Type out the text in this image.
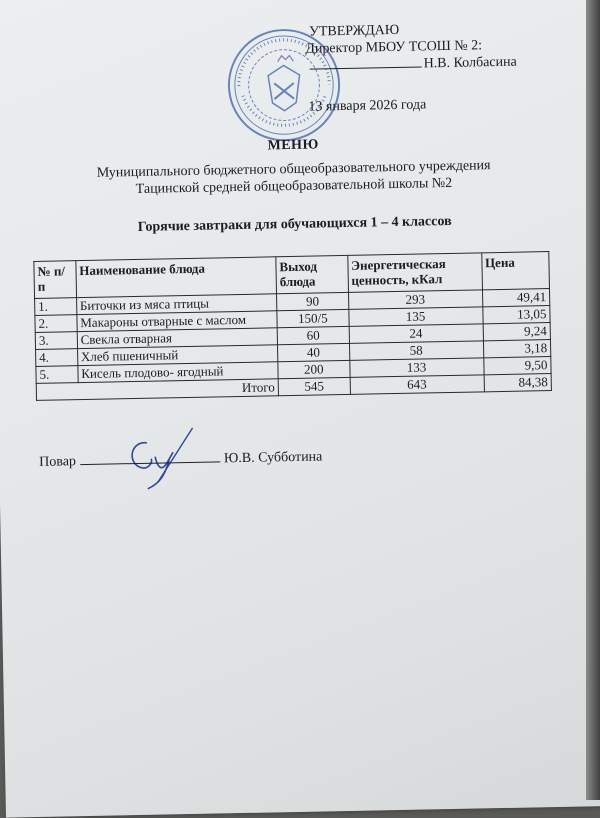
УТВЕРЖДАЮ
Директор МБОУ ТСОШ № 2:
Н.В. Колбасина
13 января 2026 года
МЕНЮ
Муниципального бюджетного общеобразовательного учреждения
Тацинской средней общеобразовательной школы №2
Горячие завтраки для обучающихся 1 – 4 классов
№ п/п	Наименование блюда	Выход блюда	Энергетическая ценность, кКал	Цена
1.	Биточки из мяса птицы	90	293	49,41
2.	Макароны отварные с маслом	150/5	135	13,05
3.	Свекла отварная	60	24	9,24
4.	Хлеб пшеничный	40	58	3,18
5.	Кисель плодово- ягодный	200	133	9,50
Итого		545	643	84,38
Повар	Ю.В. Субботина
